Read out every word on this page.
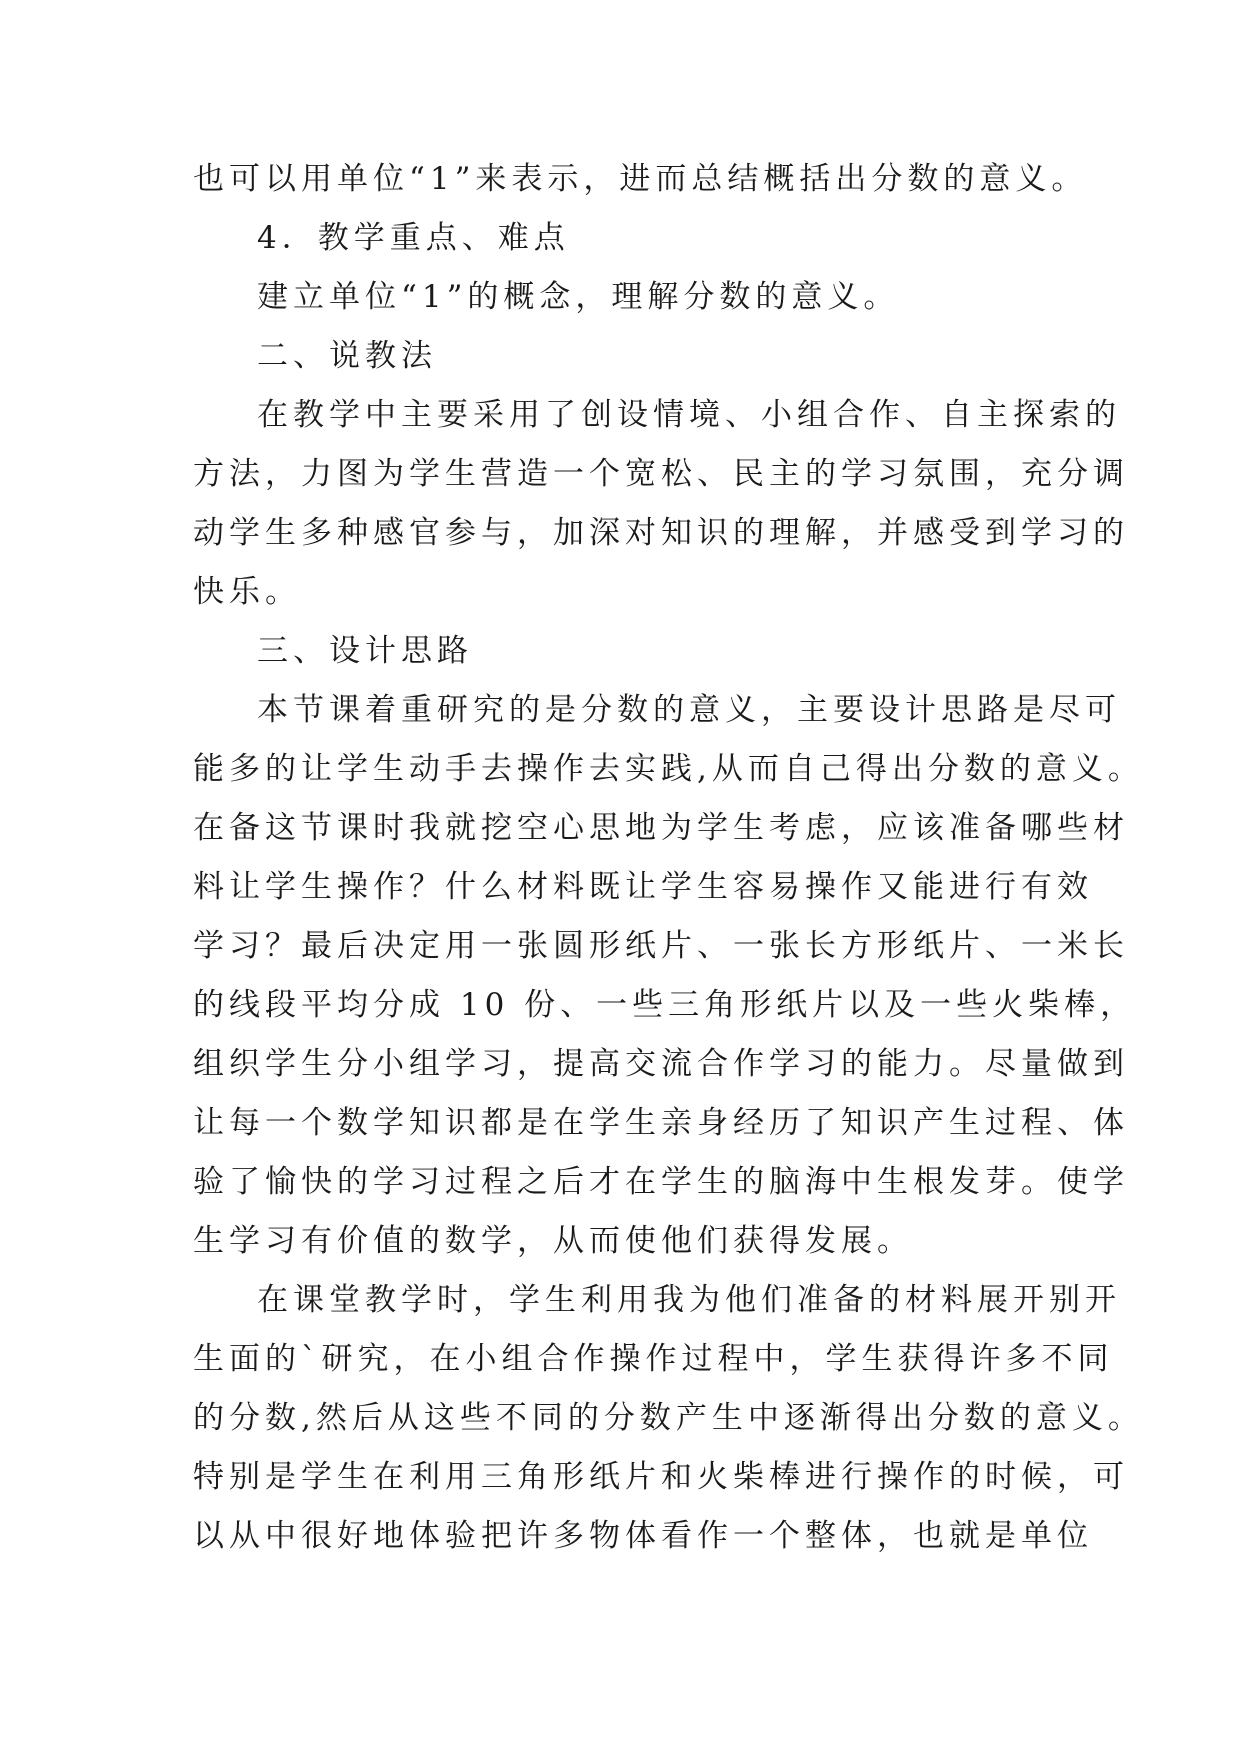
也可以用单位“1”来表示，进而总结概括出分数的意义。
4．教学重点、难点
建立单位“1”的概念，理解分数的意义。
二、说教法
在教学中主要采用了创设情境、小组合作、自主探索的
方法，力图为学生营造一个宽松、民主的学习氛围，充分调
动学生多种感官参与，加深对知识的理解，并感受到学习的
快乐。
三、设计思路
本节课着重研究的是分数的意义，主要设计思路是尽可
能多的让学生动手去操作去实践,从而自己得出分数的意义。
在备这节课时我就挖空心思地为学生考虑，应该准备哪些材
料让学生操作？什么材料既让学生容易操作又能进行有效
学习？最后决定用一张圆形纸片、一张长方形纸片、一米长
的线段平均分成 10 份、一些三角形纸片以及一些火柴棒，
组织学生分小组学习，提高交流合作学习的能力。尽量做到
让每一个数学知识都是在学生亲身经历了知识产生过程、体
验了愉快的学习过程之后才在学生的脑海中生根发芽。使学
生学习有价值的数学，从而使他们获得发展。
在课堂教学时，学生利用我为他们准备的材料展开别开
生面的`研究，在小组合作操作过程中，学生获得许多不同
的分数,然后从这些不同的分数产生中逐渐得出分数的意义。
特别是学生在利用三角形纸片和火柴棒进行操作的时候，可
以从中很好地体验把许多物体看作一个整体，也就是单位
